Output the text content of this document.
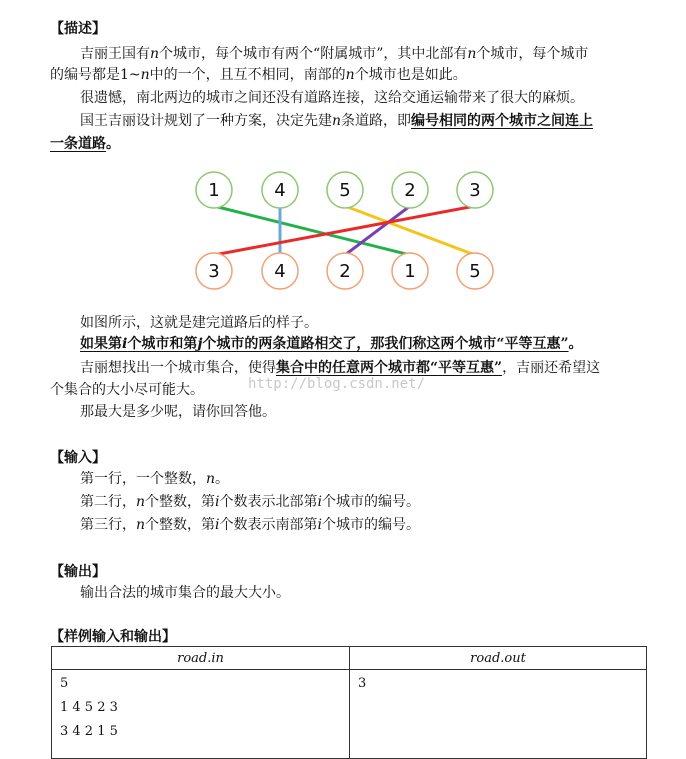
【描述】
吉丽王国有n个城市，每个城市有两个“附属城市”，其中北部有n个城市，每个城市
的编号都是1~n中的一个，且互不相同，南部的n个城市也是如此。
很遗憾，南北两边的城市之间还没有道路连接，这给交通运输带来了很大的麻烦。
国王吉丽设计规划了一种方案，决定先建n条道路，即编号相同的两个城市之间连上
一条道路。
1	4	5	2	3
3	4	2	1	5
如图所示，这就是建完道路后的样子。
如果第i个城市和第j个城市的两条道路相交了，那我们称这两个城市“平等互惠”。
吉丽想找出一个城市集合，使得集合中的任意两个城市都“平等互惠”，吉丽还希望这
http://blog.csdn.net/
个集合的大小尽可能大。
那最大是多少呢，请你回答他。
【输入】
第一行，一个整数，n。
第二行，n个整数，第i个数表示北部第i个城市的编号。
第三行，n个整数，第i个数表示南部第i个城市的编号。
【输出】
输出合法的城市集合的最大大小。
【样例输入和输出】
road.in	road.out

5
1 4 5 2 3
3 4 2 1 5	3
